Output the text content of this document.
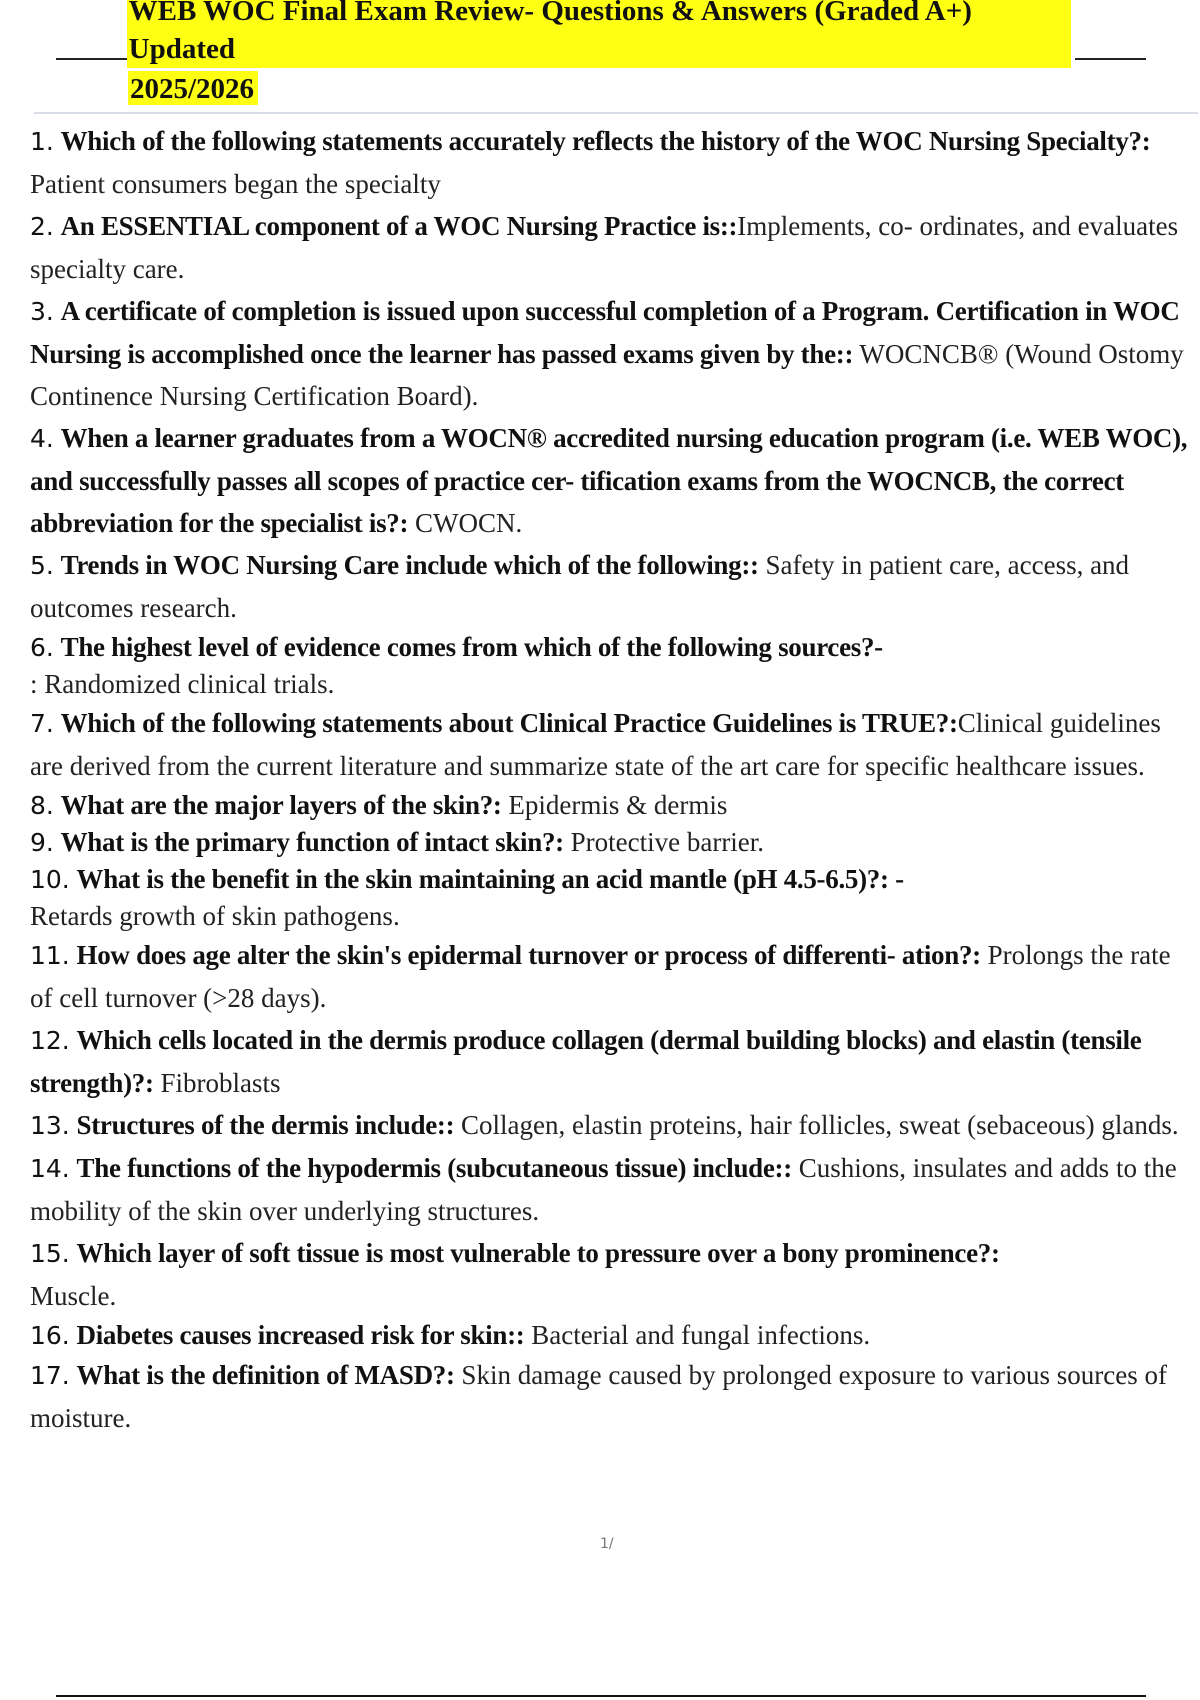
WEB WOC Final Exam Review- Questions & Answers (Graded A+) Updated
2025/2026

1. Which of the following statements accurately reflects the history of the WOC Nursing Specialty?: Patient consumers began the specialty

2. An ESSENTIAL component of a WOC Nursing Practice is::Implements, co- ordinates, and evaluates specialty care.

3. A certificate of completion is issued upon successful completion of a Program. Certification in WOC Nursing is accomplished once the learner has passed exams given by the:: WOCNCB® (Wound Ostomy Continence Nursing Certification Board).

4. When a learner graduates from a WOCN® accredited nursing education program (i.e. WEB WOC), and successfully passes all scopes of practice cer- tification exams from the WOCNCB, the correct abbreviation for the specialist is?: CWOCN.

5. Trends in WOC Nursing Care include which of the following:: Safety in patient care, access, and outcomes research.

6. The highest level of evidence comes from which of the following sources?-
: Randomized clinical trials.

7. Which of the following statements about Clinical Practice Guidelines is TRUE?:Clinical guidelines are derived from the current literature and summarize state of the art care for specific healthcare issues.

8. What are the major layers of the skin?: Epidermis & dermis

9. What is the primary function of intact skin?: Protective barrier.

10. What is the benefit in the skin maintaining an acid mantle (pH 4.5-6.5)?: -
Retards growth of skin pathogens.

11. How does age alter the skin's epidermal turnover or process of differenti- ation?: Prolongs the rate of cell turnover (>28 days).

12. Which cells located in the dermis produce collagen (dermal building blocks) and elastin (tensile strength)?: Fibroblasts

13. Structures of the dermis include:: Collagen, elastin proteins, hair follicles, sweat (sebaceous) glands.

14. The functions of the hypodermis (subcutaneous tissue) include:: Cushions, insulates and adds to the mobility of the skin over underlying structures.

15. Which layer of soft tissue is most vulnerable to pressure over a bony prominence?:
Muscle.

16. Diabetes causes increased risk for skin:: Bacterial and fungal infections.

17. What is the definition of MASD?: Skin damage caused by prolonged exposure to various sources of moisture.

1/
